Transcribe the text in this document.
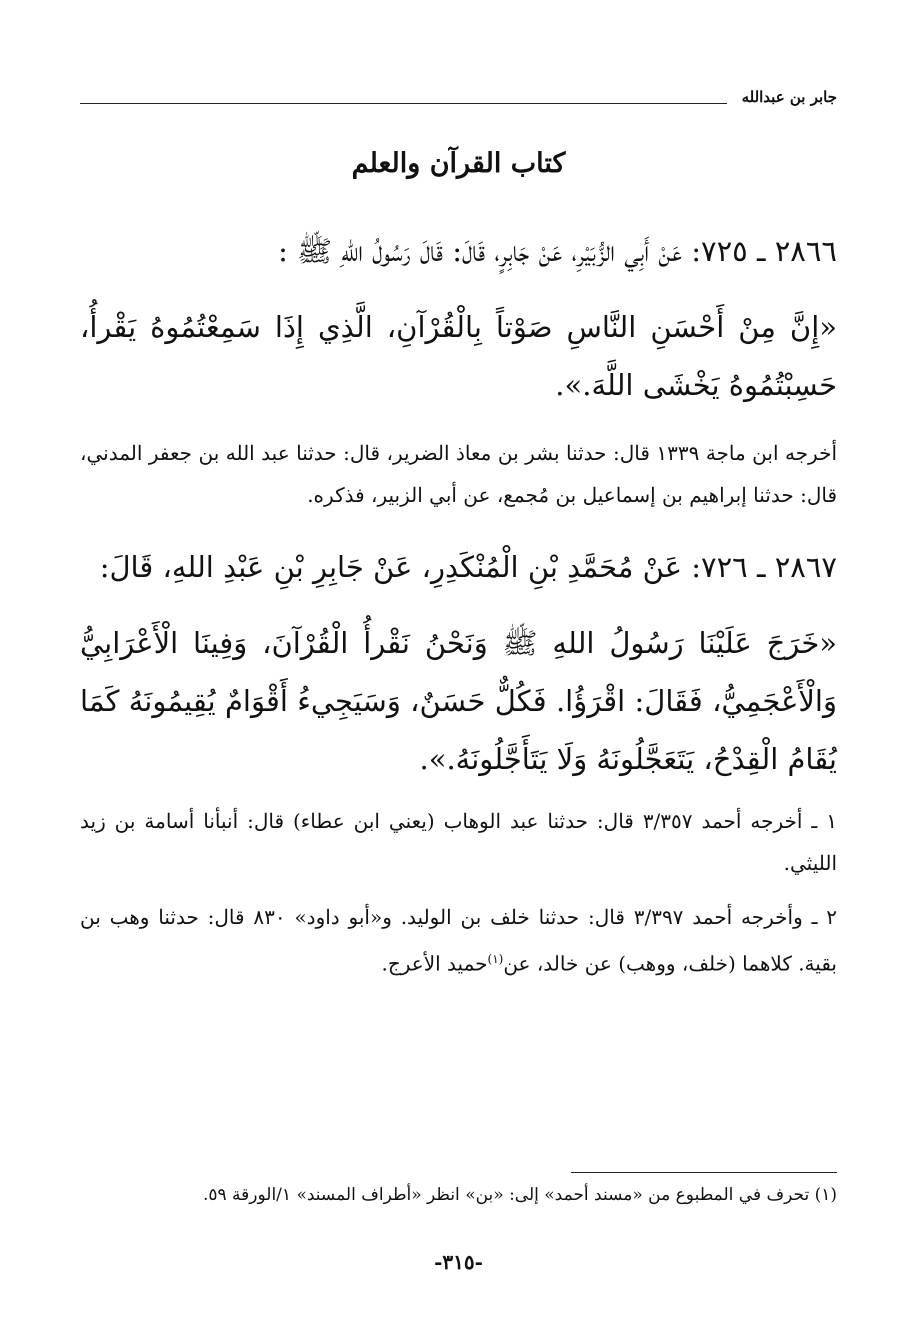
جابر بن عبدالله
كتاب القرآن والعلم

٢٨٦٦ ـ ٧٢٥: عَنْ أَبِي الزُّبَيْرِ، عَنْ جَابِرٍ، قَالَ: قَالَ رَسُولُ اللهِ ﷺ :

«إِنَّ مِنْ أَحْسَنِ النَّاسِ صَوْتاً بِالْقُرْآنِ، الَّذِي إِذَا سَمِعْتُمُوهُ يَقْرأُ، حَسِبْتُمُوهُ يَخْشَى اللَّهَ.».

أخرجه ابن ماجة ١٣٣٩ قال: حدثنا بشر بن معاذ الضرير، قال: حدثنا عبد الله بن جعفر المدني، قال: حدثنا إبراهيم بن إسماعيل بن مُجمع، عن أبي الزبير، فذكره.

٢٨٦٧ ـ ٧٢٦: عَنْ مُحَمَّدِ بْنِ الْمُنْكَدِرِ، عَنْ جَابِرِ بْنِ عَبْدِ اللهِ، قَالَ:

«خَرَجَ عَلَيْنَا رَسُولُ اللهِ ﷺ وَنَحْنُ نَقْرأُ الْقُرْآنَ، وَفِينَا الْأَعْرَابِيُّ وَالْأَعْجَمِيُّ، فَقَالَ: اقْرَؤُا. فَكُلٌّ حَسَنٌ، وَسَيَجِيءُ أَقْوَامٌ يُقِيمُونَهُ كَمَا يُقَامُ الْقِدْحُ، يَتَعَجَّلُونَهُ وَلَا يَتَأَجَّلُونَهُ.».

١ ـ أخرجه أحمد ٣/٣٥٧ قال: حدثنا عبد الوهاب (يعني ابن عطاء) قال: أنبأنا أسامة بن زيد الليثي.

٢ ـ وأخرجه أحمد ٣/٣٩٧ قال: حدثنا خلف بن الوليد. و«أبو داود» ٨٣٠ قال: حدثنا وهب بن بقية. كلاهما (خلف، ووهب) عن خالد، عن$^{(١)}$حميد الأعرج.

(١) تحرف في المطبوع من «مسند أحمد» إلى: «بن» انظر «أطراف المسند» ١/الورقة ٥٩.
-٣١٥-
